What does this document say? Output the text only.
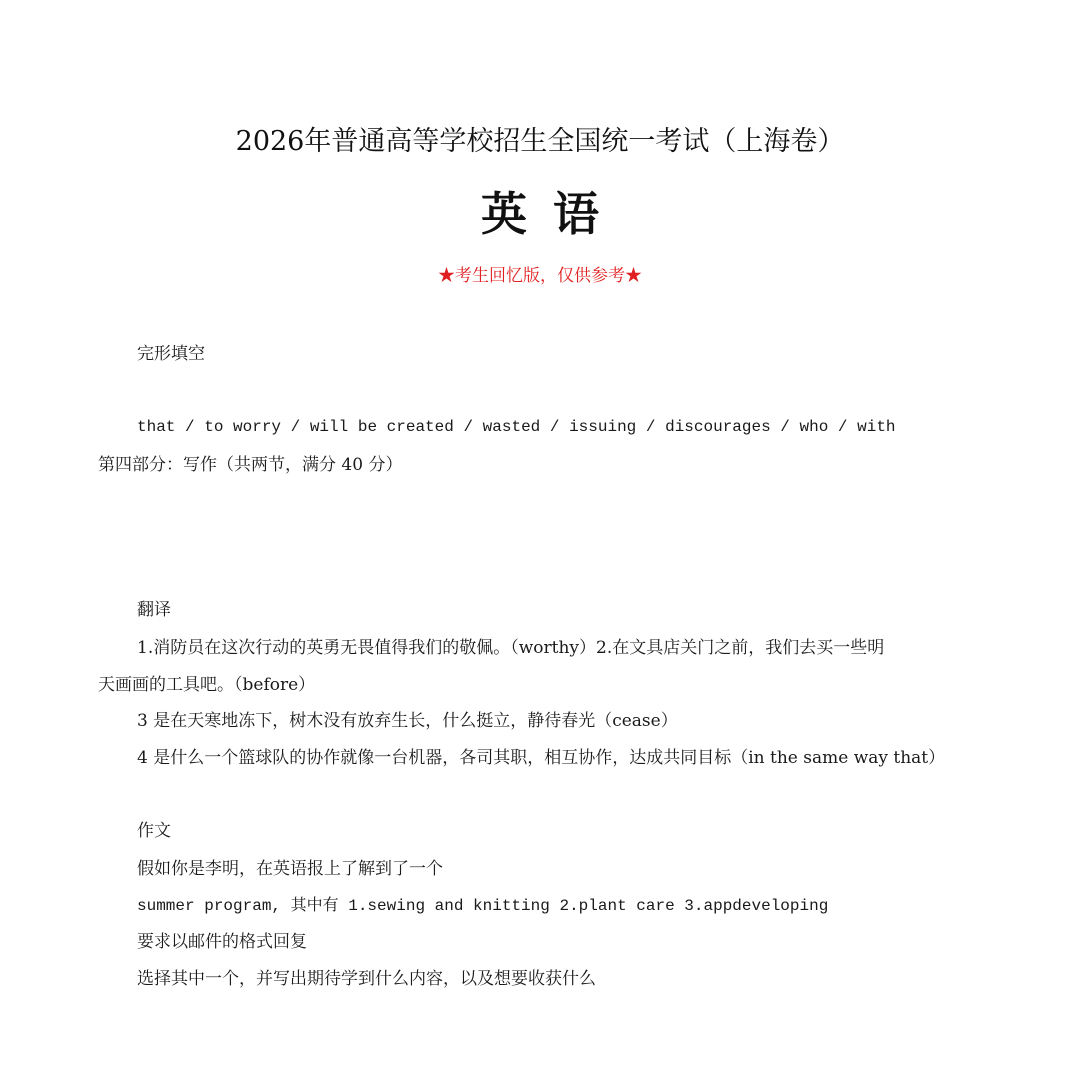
2026年普通高等学校招生全国统一考试（上海卷）
英语
★考生回忆版，仅供参考★
完形填空
that / to worry / will be created / wasted / issuing / discourages / who / with
第四部分：写作（共两节，满分 40 分）
翻译
1.消防员在这次行动的英勇无畏值得我们的敬佩。（worthy）2.在文具店关门之前，我们去买一些明
天画画的工具吧。（before）
3 是在天寒地冻下，树木没有放弃生长，什么挺立，静待春光（cease）
4 是什么一个篮球队的协作就像一台机器，各司其职，相互协作，达成共同目标（in the same way that）
作文
假如你是李明，在英语报上了解到了一个
summer program, 其中有 1.sewing and knitting 2.plant care 3.appdeveloping
要求以邮件的格式回复
选择其中一个，并写出期待学到什么内容，以及想要收获什么
